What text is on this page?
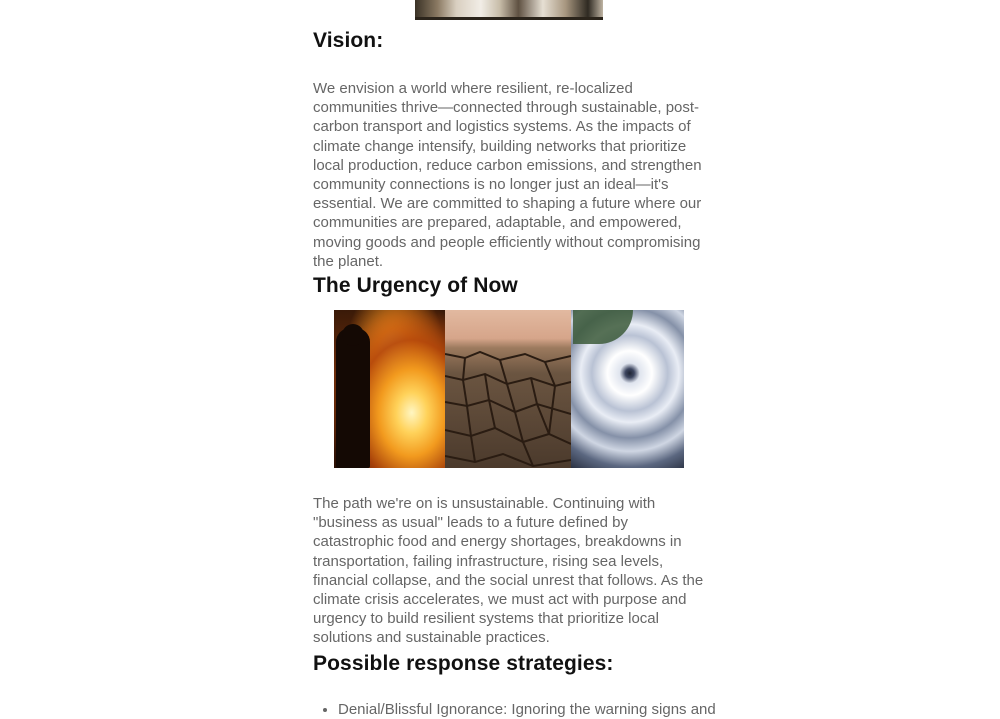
Vision:

We envision a world where resilient, re-localized communities thrive—connected through sustainable, post-carbon transport and logistics systems. As the impacts of climate change intensify, building networks that prioritize local production, reduce carbon emissions, and strengthen community connections is no longer just an ideal—it's essential. We are committed to shaping a future where our communities are prepared, adaptable, and empowered, moving goods and people efficiently without compromising the planet.

The Urgency of Now

The path we're on is unsustainable. Continuing with "business as usual" leads to a future defined by catastrophic food and energy shortages, breakdowns in transportation, failing infrastructure, rising sea levels, financial collapse, and the social unrest that follows. As the climate crisis accelerates, we must act with purpose and urgency to build resilient systems that prioritize local solutions and sustainable practices.

Possible response strategies:
• Denial/Blissful Ignorance: Ignoring the warning signs and
